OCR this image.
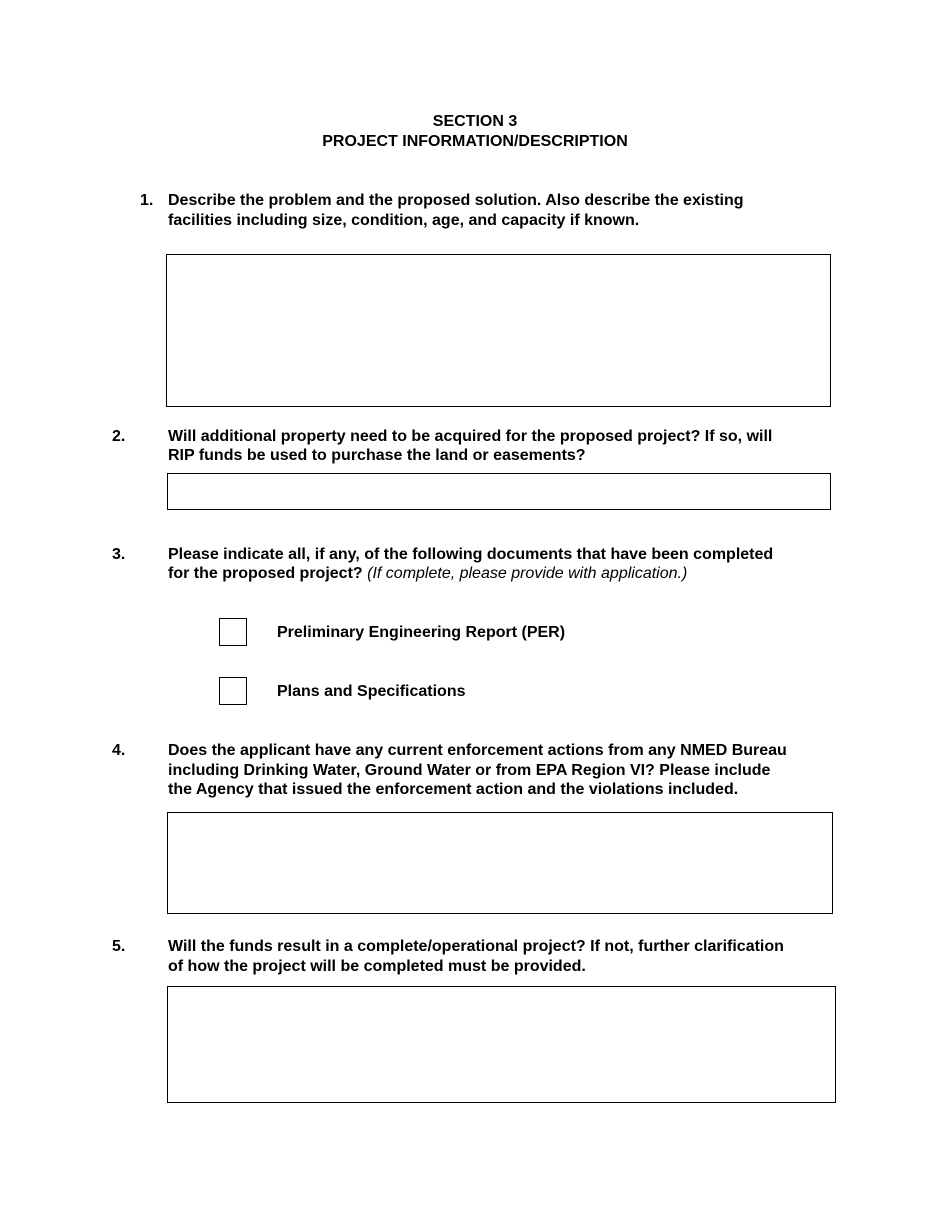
SECTION 3
PROJECT INFORMATION/DESCRIPTION
1. Describe the problem and the proposed solution. Also describe the existing
facilities including size, condition, age, and capacity if known.
2.	Will additional property need to be acquired for the proposed project? If so, will
RIP funds be used to purchase the land or easements?
3.	Please indicate all, if any, of the following documents that have been completed
for the proposed project? (If complete, please provide with application.)
Preliminary Engineering Report (PER)
Plans and Specifications
4.	Does the applicant have any current enforcement actions from any NMED Bureau
including Drinking Water, Ground Water or from EPA Region VI? Please include
the Agency that issued the enforcement action and the violations included.
5.	Will the funds result in a complete/operational project? If not, further clarification
of how the project will be completed must be provided.
